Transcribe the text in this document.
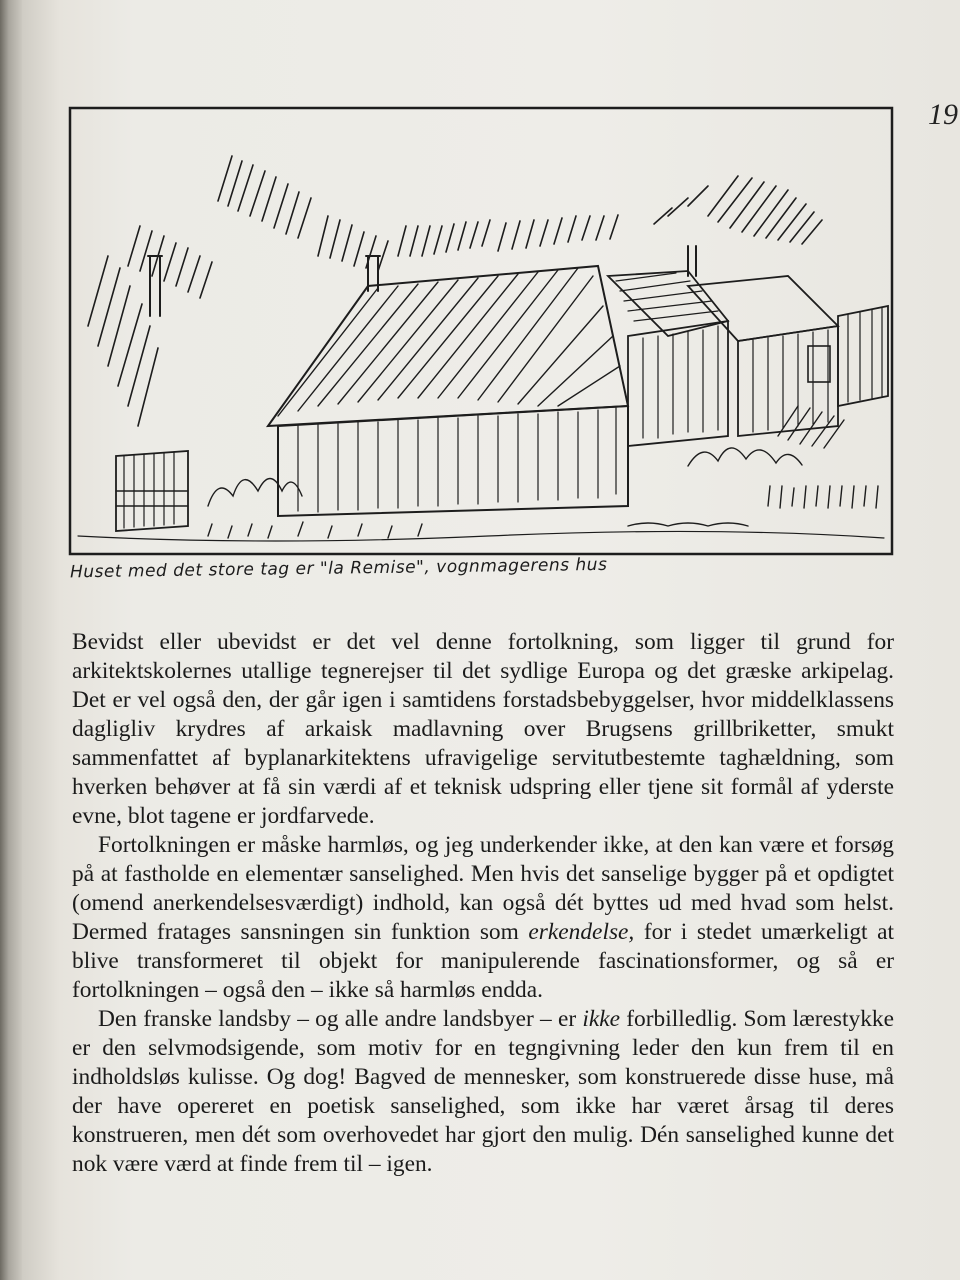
19
Huset med det store tag er "la Remise", vognmagerens hus

Bevidst eller ubevidst er det vel denne fortolkning, som ligger til grund for arkitektskolernes utallige tegnerejser til det sydlige Europa og det græske arkipelag. Det er vel også den, der går igen i samtidens forstadsbebyggelser, hvor middelklassens dagligliv krydres af arkaisk madlavning over Brugsens grillbriketter, smukt sammenfattet af byplanarkitektens ufravigelige servitutbestemte taghældning, som hverken behøver at få sin værdi af et teknisk udspring eller tjene sit formål af yderste evne, blot tagene er jordfarvede.

Fortolkningen er måske harmløs, og jeg underkender ikke, at den kan være et forsøg på at fastholde en elementær sanselighed. Men hvis det sanselige bygger på et opdigtet (omend anerkendelsesværdigt) indhold, kan også dét byttes ud med hvad som helst. Dermed fratages sansningen sin funktion som erkendelse, for i stedet umærkeligt at blive transformeret til objekt for manipulerende fascinationsformer, og så er fortolkningen – også den – ikke så harmløs endda.

Den franske landsby – og alle andre landsbyer – er ikke forbilledlig. Som lærestykke er den selvmodsigende, som motiv for en tegngivning leder den kun frem til en indholdsløs kulisse. Og dog! Bagved de mennesker, som konstruerede disse huse, må der have opereret en poetisk sanselighed, som ikke har været årsag til deres konstrueren, men dét som overhovedet har gjort den mulig. Dén sanselighed kunne det nok være værd at finde frem til – igen.
